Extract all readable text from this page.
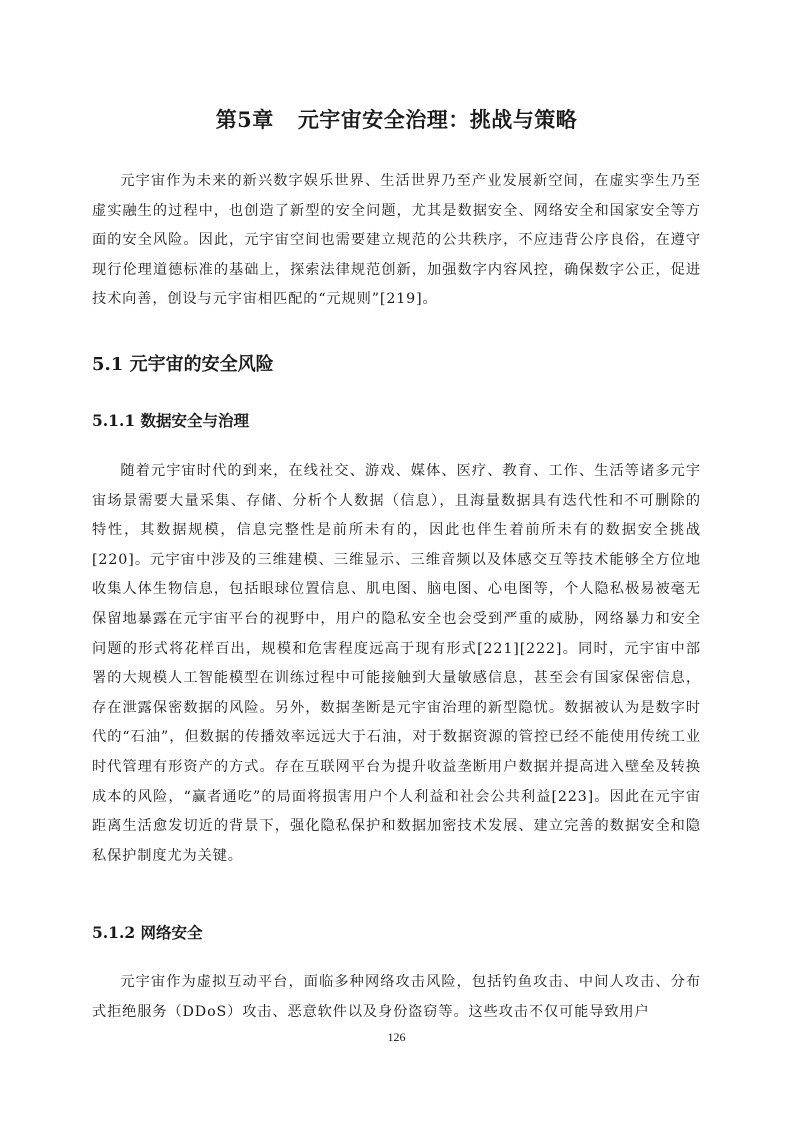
第5章 元宇宙安全治理：挑战与策略

元宇宙作为未来的新兴数字娱乐世界、生活世界乃至产业发展新空间，在虚实孪生乃至虚实融生的过程中，也创造了新型的安全问题，尤其是数据安全、网络安全和国家安全等方面的安全风险。因此，元宇宙空间也需要建立规范的公共秩序，不应违背公序良俗，在遵守现行伦理道德标准的基础上，探索法律规范创新，加强数字内容风控，确保数字公正，促进技术向善，创设与元宇宙相匹配的“元规则”[219]。

5.1 元宇宙的安全风险
5.1.1 数据安全与治理

随着元宇宙时代的到来，在线社交、游戏、媒体、医疗、教育、工作、生活等诸多元宇宙场景需要大量采集、存储、分析个人数据（信息），且海量数据具有迭代性和不可删除的特性，其数据规模，信息完整性是前所未有的，因此也伴生着前所未有的数据安全挑战[220]。元宇宙中涉及的三维建模、三维显示、三维音频以及体感交互等技术能够全方位地收集人体生物信息，包括眼球位置信息、肌电图、脑电图、心电图等，个人隐私极易被毫无保留地暴露在元宇宙平台的视野中，用户的隐私安全也会受到严重的威胁，网络暴力和安全问题的形式将花样百出，规模和危害程度远高于现有形式[221][222]。同时，元宇宙中部署的大规模人工智能模型在训练过程中可能接触到大量敏感信息，甚至会有国家保密信息，存在泄露保密数据的风险。另外，数据垄断是元宇宙治理的新型隐忧。数据被认为是数字时代的“石油”，但数据的传播效率远远大于石油，对于数据资源的管控已经不能使用传统工业时代管理有形资产的方式。存在互联网平台为提升收益垄断用户数据并提高进入壁垒及转换成本的风险，“赢者通吃”的局面将损害用户个人利益和社会公共利益[223]。因此在元宇宙距离生活愈发切近的背景下，强化隐私保护和数据加密技术发展、建立完善的数据安全和隐私保护制度尤为关键。

5.1.2 网络安全

元宇宙作为虚拟互动平台，面临多种网络攻击风险，包括钓鱼攻击、中间人攻击、分布式拒绝服务（DDoS）攻击、恶意软件以及身份盗窃等。这些攻击不仅可能导致用户

126
